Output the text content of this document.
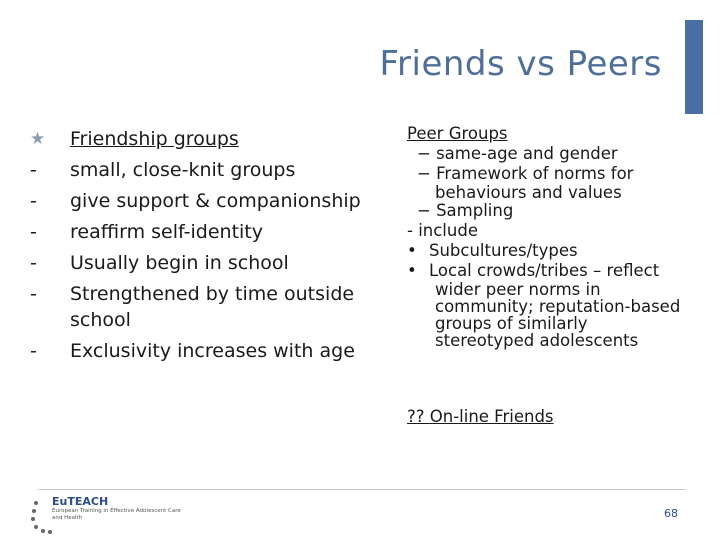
Friends vs Peers
★	Friendship groups
-	small, close-knit groups
-	give support & companionship
-	reaffirm self-identity
-	Usually begin in school
-	Strengthened by time outside school
-	Exclusivity increases with age
Peer Groups
− same-age and gender
− Framework of norms for
behaviours and values
− Sampling
- include
• Subcultures/types
• Local crowds/tribes – reflect
wider peer norms in
community; reputation-based
groups of similarly
stereotyped adolescents
?? On-line Friends
EuTEACH
European Training in Effective Adolescent Care and Health	68
